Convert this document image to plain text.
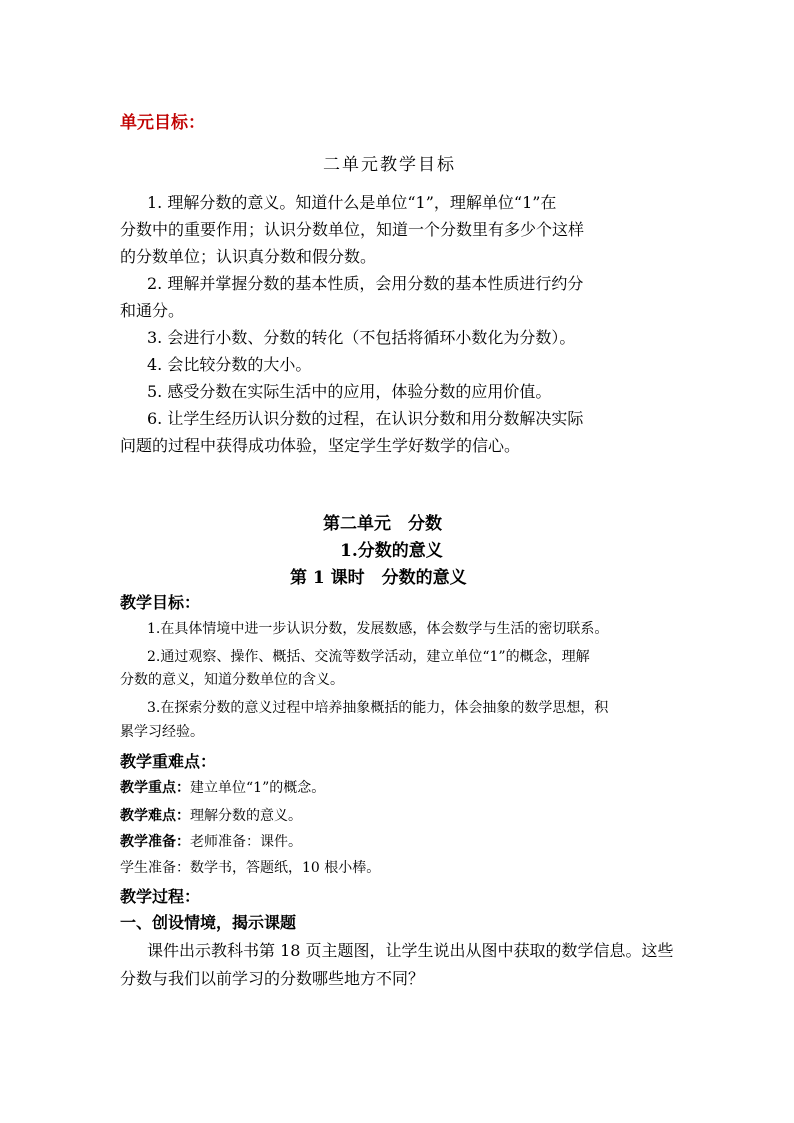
单元目标：
二单元教学目标
1. 理解分数的意义。知道什么是单位“1”，理解单位“1”在
分数中的重要作用；认识分数单位，知道一个分数里有多少个这样
的分数单位；认识真分数和假分数。
2. 理解并掌握分数的基本性质，会用分数的基本性质进行约分
和通分。
3. 会进行小数、分数的转化（不包括将循环小数化为分数）。
4. 会比较分数的大小。
5. 感受分数在实际生活中的应用，体验分数的应用价值。
6. 让学生经历认识分数的过程，在认识分数和用分数解决实际
问题的过程中获得成功体验，坚定学生学好数学的信心。
第二单元　分数
1.分数的意义
第 1 课时　分数的意义
教学目标：
1.在具体情境中进一步认识分数，发展数感，体会数学与生活的密切联系。
2.通过观察、操作、概括、交流等数学活动，建立单位“1”的概念，理解
分数的意义，知道分数单位的含义。
3.在探索分数的意义过程中培养抽象概括的能力，体会抽象的数学思想，积
累学习经验。
教学重难点：
教学重点：建立单位“1”的概念。
教学难点：理解分数的意义。
教学准备：老师准备：课件。
学生准备：数学书，答题纸，10 根小棒。
教学过程：
一、创设情境，揭示课题
课件出示教科书第 18 页主题图，让学生说出从图中获取的数学信息。这些
分数与我们以前学习的分数哪些地方不同？
